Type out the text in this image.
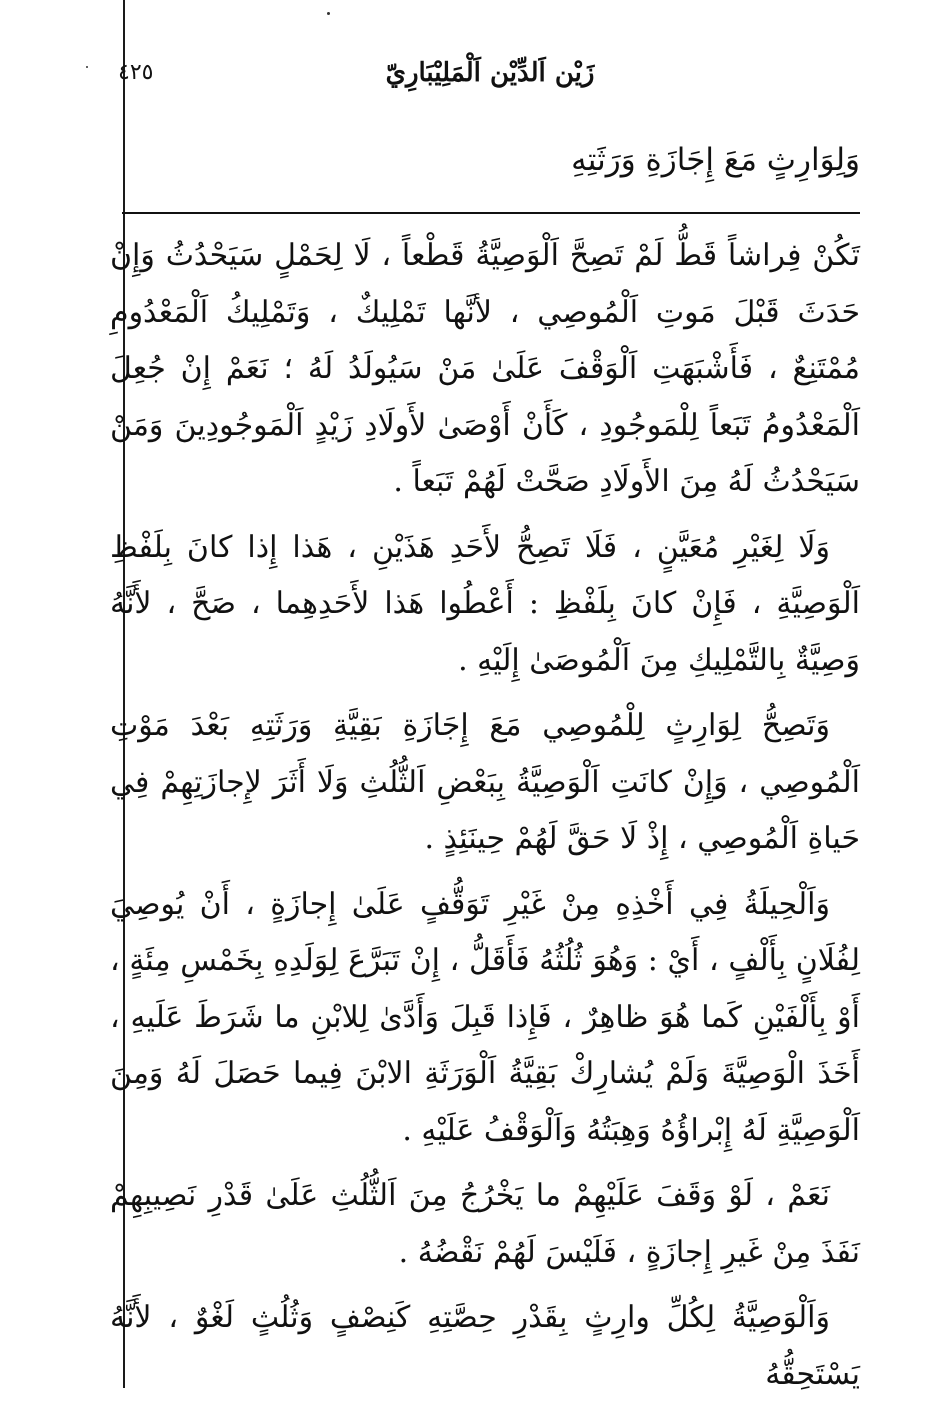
٤٢٥	زَيْن اَلدِّيْن اَلْمَلِيْبَارِيّ
وَلِوَارِثٍ مَعَ إِجَازَةِ وَرَثَتِهِ

تَكُنْ فِراشاً قَطُّ لَمْ تَصِحَّ اَلْوَصِيَّةُ قَطْعاً ، لَا لِحَمْلٍ سَيَحْدُثُ وَإِنْ حَدَثَ قَبْلَ مَوتِ اَلْمُوصِي ، لأنَّها تَمْلِيكٌ ، وَتَمْلِيكُ اَلْمَعْدُومِ مُمْتَنِعٌ ، فَأَشْبَهَتِ اَلْوَقْفَ عَلَىٰ مَنْ سَيُولَدُ لَهُ ؛ نَعَمْ إِنْ جُعِلَ اَلْمَعْدُومُ تَبَعاً لِلْمَوجُودِ ، كَأَنْ أَوْصَىٰ لأَولَادِ زَيْدٍ اَلْمَوجُودِينَ وَمَنْ سَيَحْدُثُ لَهُ مِنَ الأَولَادِ صَحَّتْ لَهُمْ تَبَعاً .

وَلَا لِغَيْرِ مُعَيَّنٍ ، فَلَا تَصِحُّ لأَحَدِ هَذَيْنِ ، هَذا إِذا كانَ بِلَفْظِ اَلْوَصِيَّةِ ، فَإِنْ كانَ بِلَفْظِ : أَعْطُوا هَذا لأَحَدِهِما ، صَحَّ ، لأَنَّهُ وَصِيَّةٌ بِالتَّمْلِيكِ مِنَ اَلْمُوصَىٰ إِلَيْهِ .

وَتَصِحُّ لِوَارِثٍ لِلْمُوصِي مَعَ إِجَازَةِ بَقِيَّةِ وَرَثَتِهِ بَعْدَ مَوْتِ اَلْمُوصِي ، وَإِنْ كانَتِ اَلْوَصِيَّةُ بِبَعْضِ اَلثُّلُثِ وَلَا أَثَرَ لإِجازَتِهِمْ فِي حَياةِ اَلْمُوصِي ، إِذْ لَا حَقَّ لَهُمْ حِينَئِذٍ .

وَاَلْحِيلَةُ فِي أَخْذِهِ مِنْ غَيْرِ تَوَقُّفٍ عَلَىٰ إِجازَةٍ ، أَنْ يُوصِيَ لِفُلَانٍ بِأَلْفٍ ، أَيْ : وَهُوَ ثُلُثُهُ فَأَقَلُّ ، إِنْ تَبَرَّعَ لِوَلَدِهِ بِخَمْسِ مِئَةٍ ، أَوْ بِأَلْفَيْنِ كَما هُوَ ظاهِرٌ ، فَإِذا قَبِلَ وَأَدَّىٰ لِلابْنِ ما شَرَطَ عَلَيهِ ، أَخَذَ الْوَصِيَّةَ وَلَمْ يُشارِكْ بَقِيَّةُ اَلْوَرَثَةِ الابْنَ فِيما حَصَلَ لَهُ وَمِنَ اَلْوَصِيَّةِ لَهُ إِبْراؤُهُ وَهِبَتُهُ وَاَلْوَقْفُ عَلَيْهِ .

نَعَمْ ، لَوْ وَقَفَ عَلَيْهِمْ ما يَخْرُجُ مِنَ اَلثُّلُثِ عَلَىٰ قَدْرِ نَصِيبِهِمْ نَفَذَ مِنْ غَيرِ إِجازَةٍ ، فَلَيْسَ لَهُمْ نَقْضُهُ .

وَاَلْوَصِيَّةُ لِكُلِّ وارِثٍ بِقَدْرِ حِصَّتِهِ كَنِصْفٍ وَثُلُثٍ لَغْوٌ ، لأَنَّهُ يَسْتَحِقُّهُ
